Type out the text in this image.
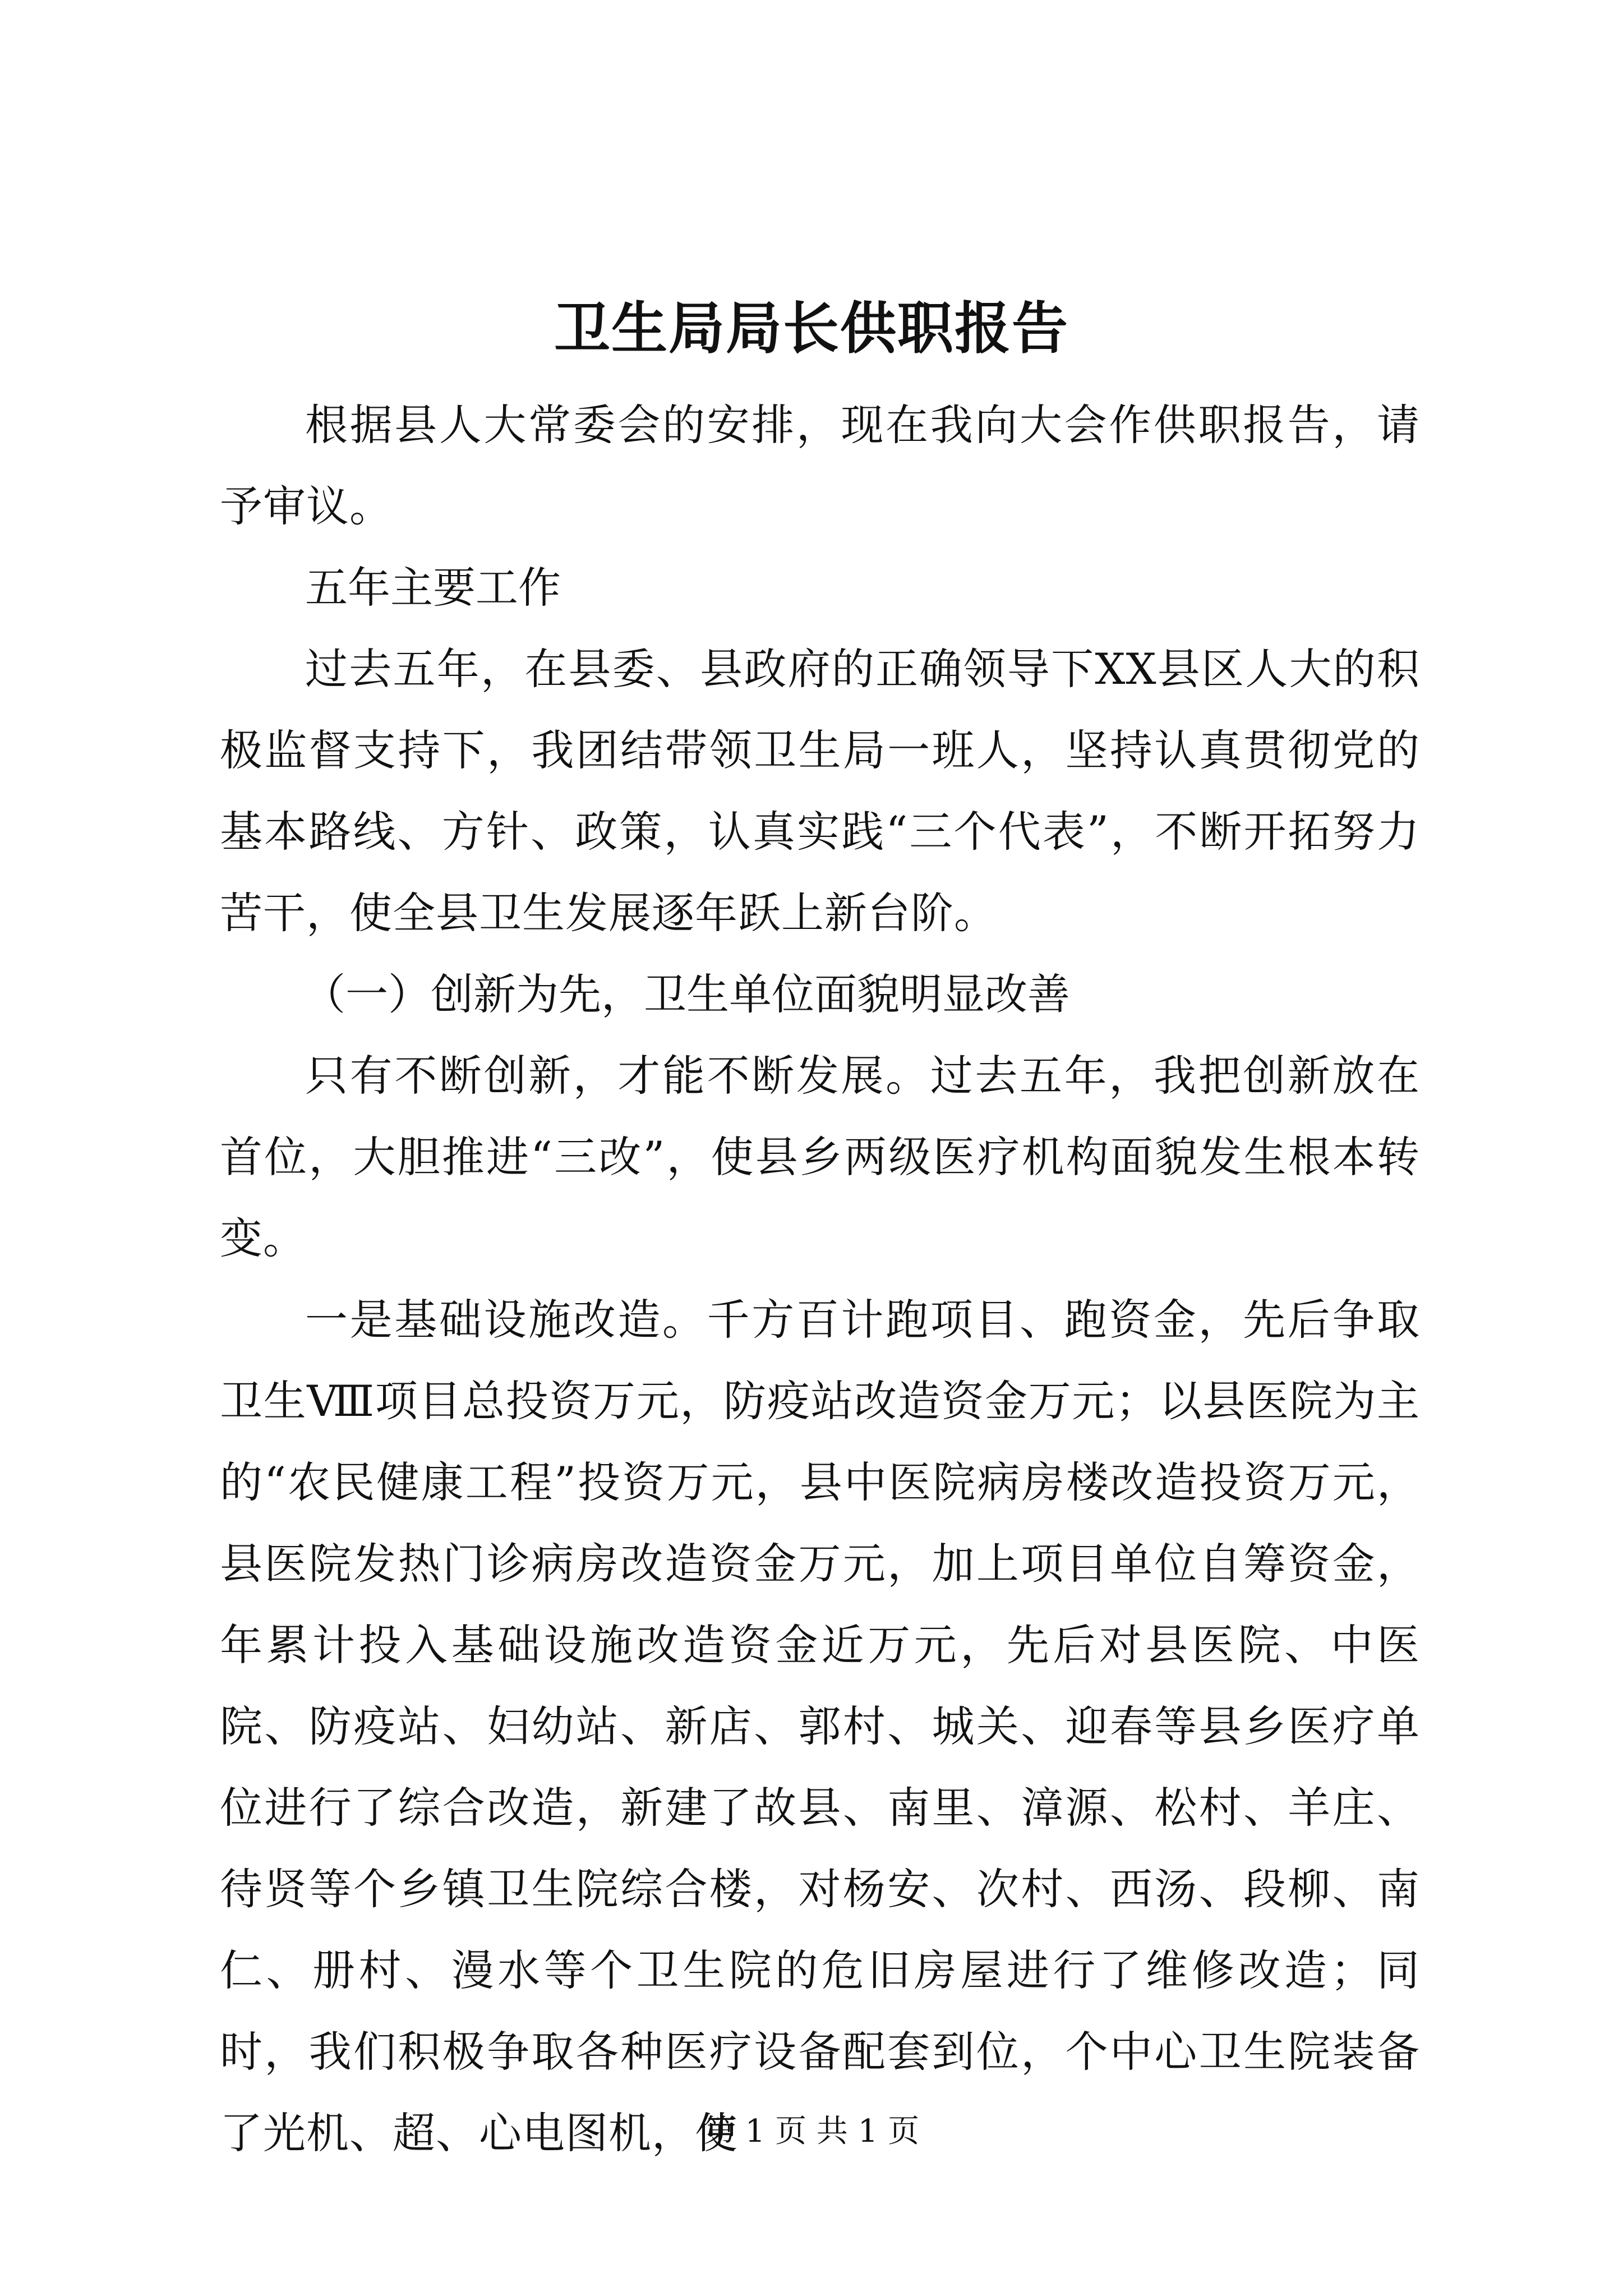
卫生局局长供职报告

根据县人大常委会的安排，现在我向大会作供职报告，请予审议。

五年主要工作

过去五年，在县委、县政府的正确领导下XX县区人大的积极监督支持下，我团结带领卫生局一班人，坚持认真贯彻党的基本路线、方针、政策，认真实践“三个代表”，不断开拓努力苦干，使全县卫生发展逐年跃上新台阶。

（一）创新为先，卫生单位面貌明显改善

只有不断创新，才能不断发展。过去五年，我把创新放在首位，大胆推进“三改”，使县乡两级医疗机构面貌发生根本转变。

一是基础设施改造。千方百计跑项目、跑资金，先后争取卫生Ⅷ项目总投资万元，防疫站改造资金万元；以县医院为主的“农民健康工程”投资万元，县中医院病房楼改造投资万元，县医院发热门诊病房改造资金万元，加上项目单位自筹资金，年累计投入基础设施改造资金近万元，先后对县医院、中医院、防疫站、妇幼站、新店、郭村、城关、迎春等县乡医疗单位进行了综合改造，新建了故县、南里、漳源、松村、羊庄、待贤等个乡镇卫生院综合楼，对杨安、次村、西汤、段柳、南仁、册村、漫水等个卫生院的危旧房屋进行了维修改造；同时，我们积极争取各种医疗设备配套到位，个中心卫生院装备了光机、超、心电图机，使

第 1 页 共 1 页
